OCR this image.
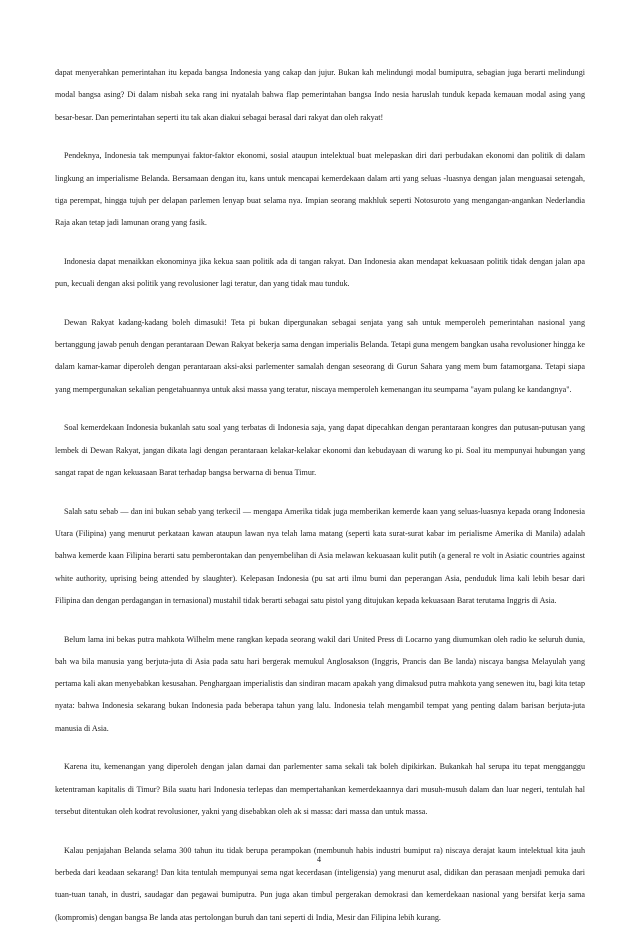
dapat menyerahkan pemerintahan itu kepada bangsa Indonesia yang cakap dan jujur. Bukan kah melindungi modal bumiputra, sebagian juga berarti melindungi modal bangsa asing? Di dalam nisbah seka rang ini nyatalah bahwa flap pemerintahan bangsa Indo nesia haruslah tunduk kepada kemauan modal asing yang besar-besar. Dan pemerintahan seperti itu tak akan diakui sebagai berasal dari rakyat dan oleh rakyat!

Pendeknya, Indonesia tak mempunyai faktor-faktor ekonomi, sosial ataupun intelektual buat melepaskan diri dari perbudakan ekonomi dan politik di dalam lingkung an imperialisme Belanda. Bersamaan dengan itu, kans untuk mencapai kemerdekaan dalam arti yang seluas -luasnya dengan jalan menguasai setengah, tiga perempat, hingga tujuh per delapan parlemen lenyap buat selama nya. Impian seorang makhluk seperti Notosuroto yang mengangan-angankan Nederlandia Raja akan tetap jadi lamunan orang yang fasik.

Indonesia dapat menaikkan ekonominya jika kekua saan politik ada di tangan rakyat. Dan Indonesia akan mendapat kekuasaan politik tidak dengan jalan apa pun, kecuali dengan aksi politik yang revolusioner lagi teratur, dan yang tidak mau tunduk.

Dewan Rakyat kadang-kadang boleh dimasuki! Teta pi bukan dipergunakan sebagai senjata yang sah untuk memperoleh pemerintahan nasional yang bertanggung jawab penuh dengan perantaraan Dewan Rakyat bekerja sama dengan imperialis Belanda. Tetapi guna mengem bangkan usaha revolusioner hingga ke dalam kamar-kamar diperoleh dengan perantaraan aksi-aksi parlementer samalah dengan seseorang di Gurun Sahara yang mem bum fatamorgana. Tetapi siapa yang mempergunakan sekalian pengetahuannya untuk aksi massa yang teratur, niscaya memperoleh kemenangan itu seumpama "ayam pulang ke kandangnya".

Soal kemerdekaan Indonesia bukanlah satu soal yang terbatas di Indonesia saja, yang dapat dipecahkan dengan perantaraan kongres dan putusan-putusan yang lembek di Dewan Rakyat, jangan dikata lagi dengan perantaraan kelakar-kelakar ekonomi dan kebudayaan di warung ko pi. Soal itu mempunyai hubungan yang sangat rapat de ngan kekuasaan Barat terhadap bangsa berwarna di benua Timur.

Salah satu sebab — dan ini bukan sebab yang terkecil — mengapa Amerika tidak juga memberikan kemerde kaan yang seluas-luasnya kepada orang Indonesia Utara (Filipina) yang menurut perkataan kawan ataupun lawan nya telah lama matang (seperti kata surat-surat kabar im perialisme Amerika di Manila) adalah bahwa kemerde kaan Filipina berarti satu pemberontakan dan penyembelihan di Asia melawan kekuasaan kulit putih (a general re volt in Asiatic countries against white authority, uprising being attended by slaughter). Kelepasan Indonesia (pu sat arti ilmu bumi dan peperangan Asia, penduduk lima kali lebih besar dari Filipina dan dengan perdagangan in ternasional) mustahil tidak berarti sebagai satu pistol yang ditujukan kepada kekuasaan Barat terutama Inggris di Asia.

Belum lama ini bekas putra mahkota Wilhelm mene rangkan kepada seorang wakil dari United Press di Locarno yang diumumkan oleh radio ke seluruh dunia, bah wa bila manusia yang berjuta-juta di Asia pada satu hari bergerak memukul Anglosakson (Inggris, Prancis dan Be landa) niscaya bangsa Melayulah yang pertama kali akan menyebabkan kesusahan. Penghargaan imperialistis dan sindiran macam apakah yang dimaksud putra mahkota yang senewen itu, bagi kita tetap nyata: bahwa Indonesia sekarang bukan Indonesia pada beberapa tahun yang lalu. Indonesia telah mengambil tempat yang penting dalam barisan berjuta-juta manusia di Asia.

Karena itu, kemenangan yang diperoleh dengan jalan damai dan parlementer sama sekali tak boleh dipikirkan. Bukankah hal serupa itu tepat mengganggu ketentraman kapitalis di Timur? Bila suatu hari Indonesia terlepas dan mempertahankan kemerdekaannya dari musuh-musuh dalam dan luar negeri, tentulah hal tersebut ditentukan oleh kodrat revolusioner, yakni yang disebabkan oleh ak si massa: dari massa dan untuk massa.

Kalau penjajahan Belanda selama 300 tahun itu tidak berupa perampokan (membunuh habis industri bumiput ra) niscaya derajat kaum intelektual kita jauh berbeda dari keadaan sekarang! Dan kita tentulah mempunyai sema ngat kecerdasan (inteligensia) yang menurut asal, didikan dan perasaan menjadi pemuka dari tuan-tuan tanah, in dustri, saudagar dan pegawai bumiputra. Pun juga akan timbul pergerakan demokrasi dan kemerdekaan nasional yang bersifat kerja sama (kompromis) dengan bangsa Be landa atas pertolongan buruh dan tani seperti di India, Mesir dan Filipina lebih kurang.

4
